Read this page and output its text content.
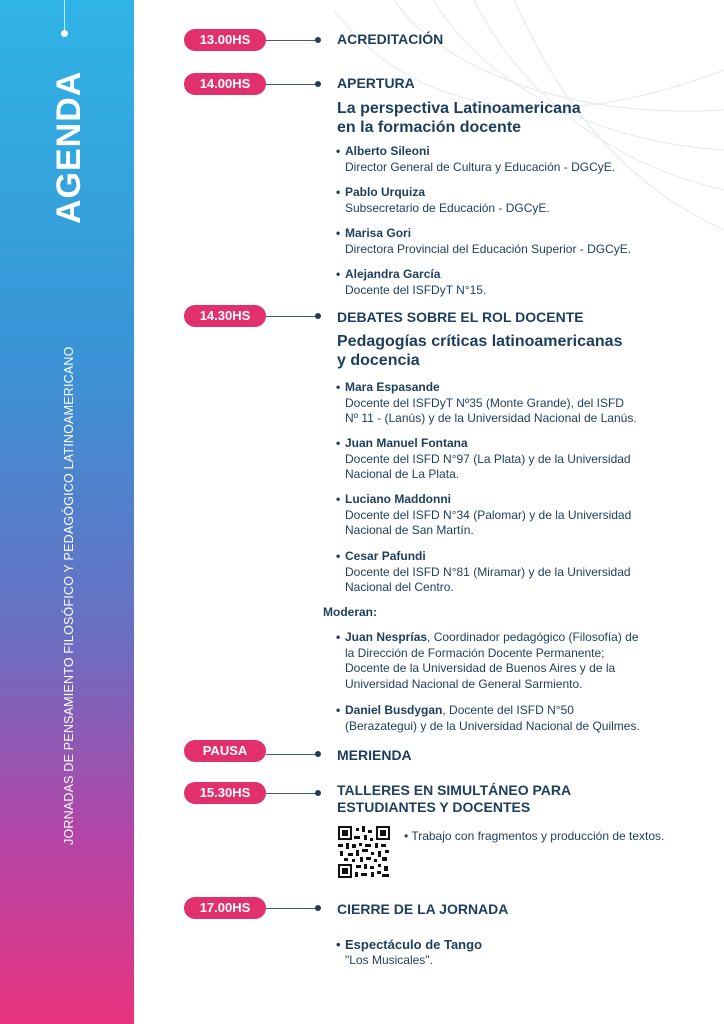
AGENDA
JORNADAS DE PENSAMIENTO FILOSÓFICO Y PEDAGÓGICO LATINOAMERICANO
13.00HS	ACREDITACIÓN
14.00HS	APERTURA
La perspectiva Latinoamericana
en la formación docente
• Alberto Sileoni
Director General de Cultura y Educación - DGCyE.
• Pablo Urquiza
Subsecretario de Educación - DGCyE.
• Marisa Gori
Directora Provincial del Educación Superior - DGCyE.
• Alejandra García
Docente del ISFDyT N°15.
14.30HS	DEBATES SOBRE EL ROL DOCENTE
Pedagogías críticas latinoamericanas
y docencia
• Mara Espasande
Docente del ISFDyT Nº35 (Monte Grande), del ISFD
Nº 11 - (Lanús) y de la Universidad Nacional de Lanús.
• Juan Manuel Fontana
Docente del ISFD N°97 (La Plata) y de la Universidad
Nacional de La Plata.
• Luciano Maddonni
Docente del ISFD N°34 (Palomar) y de la Universidad
Nacional de San Martín.
• Cesar Pafundi
Docente del ISFD N°81 (Miramar) y de la Universidad
Nacional del Centro.
Moderan:
• Juan Nesprías, Coordinador pedagógico (Filosofía) de
la Dirección de Formación Docente Permanente;
Docente de la Universidad de Buenos Aires y de la
Universidad Nacional de General Sarmiento.
• Daniel Busdygan, Docente del ISFD N°50
(Berazategui) y de la Universidad Nacional de Quilmes.
PAUSA	MERIENDA
15.30HS	TALLERES EN SIMULTÁNEO PARA
ESTUDIANTES Y DOCENTES
• Trabajo con fragmentos y producción de textos.
17.00HS	CIERRE DE LA JORNADA
• Espectáculo de Tango
"Los Musicales".
